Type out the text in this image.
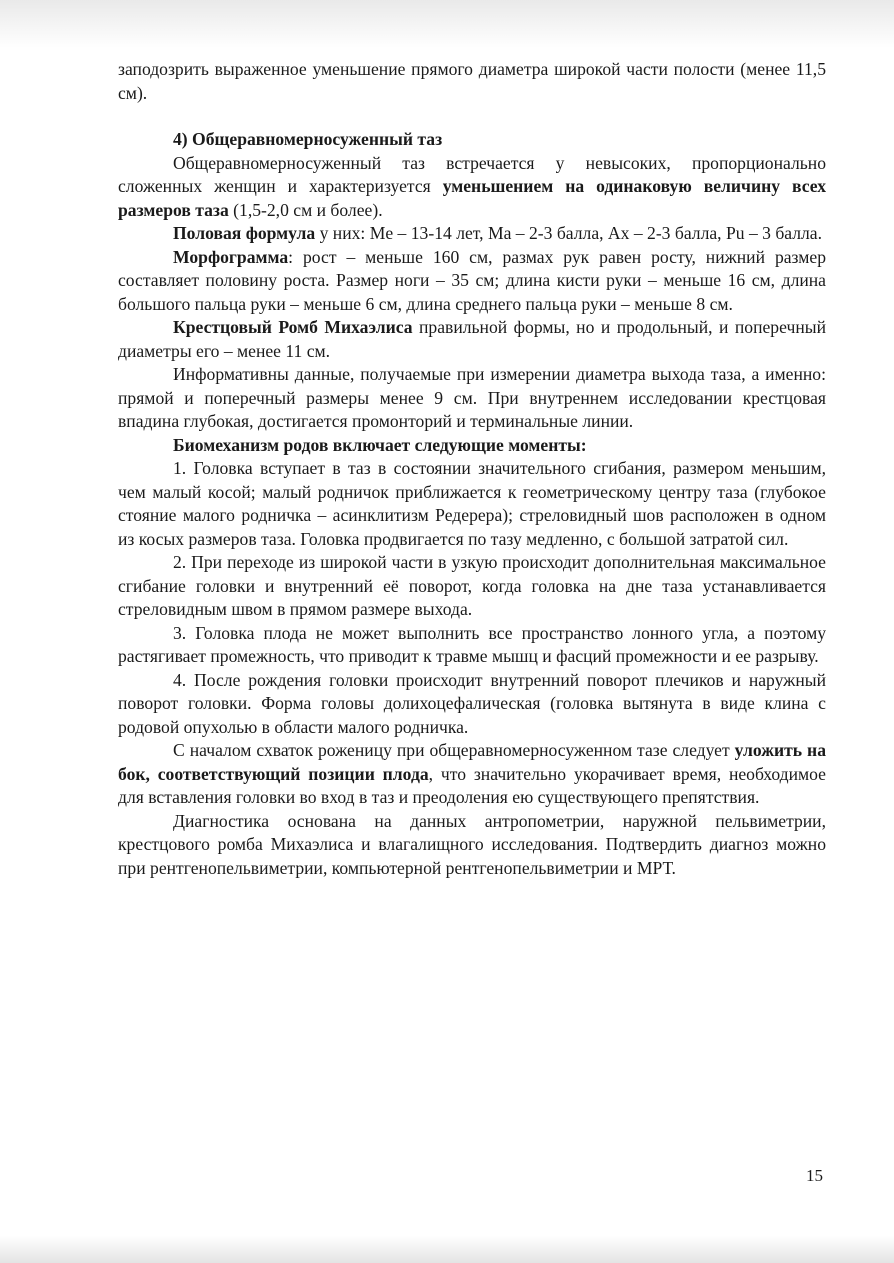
заподозрить выраженное уменьшение прямого диаметра широкой части полости (менее 11,5 см).

4) Общеравномерносуженный таз

Общеравномерносуженный таз встречается у невысоких, пропорционально сложенных женщин и характеризуется уменьшением на одинаковую величину всех размеров таза (1,5-2,0 см и более).

Половая формула у них: Me – 13-14 лет, Ma – 2-3 балла, Ax – 2-3 балла, Pu – 3 балла.

Морфограмма: рост – меньше 160 см, размах рук равен росту, нижний размер составляет половину роста. Размер ноги – 35 см; длина кисти руки – меньше 16 см, длина большого пальца руки – меньше 6 см, длина среднего пальца руки – меньше 8 см.

Крестцовый Ромб Михаэлиса правильной формы, но и продольный, и поперечный диаметры его – менее 11 см.

Информативны данные, получаемые при измерении диаметра выхода таза, а именно: прямой и поперечный размеры менее 9 см. При внутреннем исследовании крестцовая впадина глубокая, достигается промонторий и терминальные линии.

Биомеханизм родов включает следующие моменты:

1. Головка вступает в таз в состоянии значительного сгибания, размером меньшим, чем малый косой; малый родничок приближается к геометрическому центру таза (глубокое стояние малого родничка – асинклитизм Редерера); стреловидный шов расположен в одном из косых размеров таза. Головка продвигается по тазу медленно, с большой затратой сил.

2. При переходе из широкой части в узкую происходит дополнительная максимальное сгибание головки и внутренний её поворот, когда головка на дне таза устанавливается стреловидным швом в прямом размере выхода.

3. Головка плода не может выполнить все пространство лонного угла, а поэтому растягивает промежность, что приводит к травме мышц и фасций промежности и ее разрыву.

4. После рождения головки происходит внутренний поворот плечиков и наружный поворот головки. Форма головы долихоцефалическая (головка вытянута в виде клина с родовой опухолью в области малого родничка.

С началом схваток роженицу при общеравномерносуженном тазе следует уложить на бок, соответствующий позиции плода, что значительно укорачивает время, необходимое для вставления головки во вход в таз и преодоления ею существующего препятствия.

Диагностика основана на данных антропометрии, наружной пельвиметрии, крестцового ромба Михаэлиса и влагалищного исследования. Подтвердить диагноз можно при рентгенопельвиметрии, компьютерной рентгенопельвиметрии и МРТ.

15
